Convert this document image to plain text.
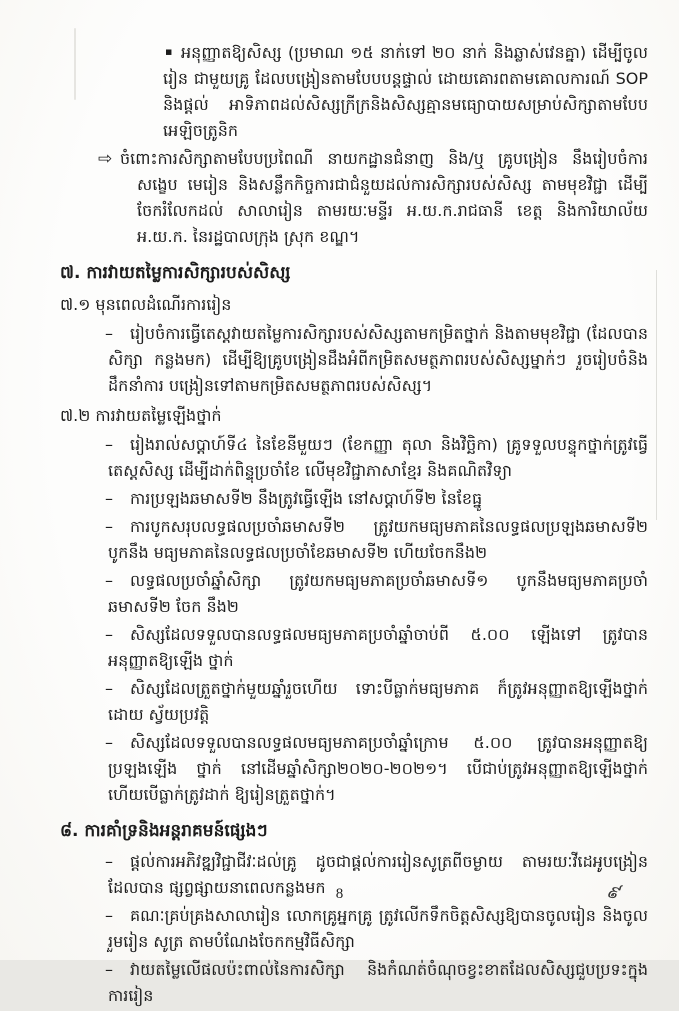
▪ អនុញ្ញាតឱ្យសិស្ស (ប្រមាណ ១៥ នាក់ទៅ ២០ នាក់ និងឆ្លាស់វេនគ្នា) ដើម្បីចូលរៀន ជាមួយគ្រូ ដែលបង្រៀនតាមបែបបន្តផ្ទាល់ ដោយគោរពតាមគោលការណ៍ SOP និងផ្តល់ អាទិភាពដល់សិស្សក្រីក្រនិងសិស្សគ្មានមធ្យោបាយសម្រាប់សិក្សាតាមបែបអេឡិចត្រូនិក

⇨ ចំពោះការសិក្សាតាមបែបប្រពៃណី នាយកដ្ឋានជំនាញ និង/ឬ គ្រូបង្រៀន នឹងរៀបចំការសង្ខេប មេរៀន និងសន្លឹកកិច្ចការជាជំនួយដល់ការសិក្សារបស់សិស្ស តាមមុខវិជ្ជា ដើម្បីចែករំលែកដល់ សាលារៀន តាមរយៈមន្ទីរ អ.យ.ក.រាជធានី ខេត្ត និងការិយាល័យ អ.យ.ក. នៃរដ្ឋបាលក្រុង ស្រុក ខណ្ឌ។

៧. ការវាយតម្លៃការសិក្សារបស់សិស្ស

៧.១ មុនពេលដំណើរការរៀន

– រៀបចំការធ្វើតេស្តវាយតម្លៃការសិក្សារបស់សិស្សតាមកម្រិតថ្នាក់ និងតាមមុខវិជ្ជា (ដែលបានសិក្សា កន្លងមក) ដើម្បីឱ្យគ្រូបង្រៀនដឹងអំពីកម្រិតសមត្ថភាពរបស់សិស្សម្នាក់ៗ រួចរៀបចំនិងដឹកនាំការ បង្រៀនទៅតាមកម្រិតសមត្ថភាពរបស់សិស្ស។

៧.២ ការវាយតម្លៃឡើងថ្នាក់

– រៀងរាល់សប្តាហ៍ទី៤ នៃខែនីមួយៗ (ខែកញ្ញា តុលា និងវិច្ឆិកា) គ្រូទទួលបន្ទុកថ្នាក់ត្រូវធ្វើតេស្តសិស្ស ដើម្បីដាក់ពិន្ទុប្រចាំខែ លើមុខវិជ្ជាភាសាខ្មែរ និងគណិតវិទ្យា

– ការប្រឡងឆមាសទី២ នឹងត្រូវធ្វើឡើង នៅសប្តាហ៍ទី២ នៃខែធ្នូ

– ការបូកសរុបលទ្ធផលប្រចាំឆមាសទី២ ត្រូវយកមធ្យមភាគនៃលទ្ធផលប្រឡងឆមាសទី២ បូកនឹង មធ្យមភាគនៃលទ្ធផលប្រចាំខែឆមាសទី២ ហើយចែកនឹង២

– លទ្ធផលប្រចាំឆ្នាំសិក្សា ត្រូវយកមធ្យមភាគប្រចាំឆមាសទី១ បូកនឹងមធ្យមភាគប្រចាំឆមាសទី២ ចែក នឹង២

– សិស្សដែលទទួលបានលទ្ធផលមធ្យមភាគប្រចាំឆ្នាំចាប់ពី ៥.០០ ឡើងទៅ ត្រូវបានអនុញ្ញាតឱ្យឡើង ថ្នាក់

– សិស្សដែលត្រួតថ្នាក់មួយឆ្នាំរួចហើយ ទោះបីធ្លាក់មធ្យមភាគ ក៏ត្រូវអនុញ្ញាតឱ្យឡើងថ្នាក់ដោយ ស្វ័យប្រវត្តិ

– សិស្សដែលទទួលបានលទ្ធផលមធ្យមភាគប្រចាំឆ្នាំក្រោម ៥.០០ ត្រូវបានអនុញ្ញាតឱ្យប្រឡងឡើង ថ្នាក់ នៅដើមឆ្នាំសិក្សា២០២០-២០២១។ បើជាប់ត្រូវអនុញ្ញាតឱ្យឡើងថ្នាក់ ហើយបើធ្លាក់ត្រូវដាក់ ឱ្យរៀនត្រួតថ្នាក់។

៨. ការគាំទ្រនិងអន្តរាគមន៍ផ្សេងៗ

– ផ្តល់ការអភិវឌ្ឍវិជ្ជាជីវៈដល់គ្រូ ដូចជាផ្តល់ការរៀនសូត្រពីចម្ងាយ តាមរយៈវីដេអូបង្រៀនដែលបាន ផ្សព្វផ្សាយនាពេលកន្លងមក

– គណៈគ្រប់គ្រងសាលារៀន លោកគ្រូអ្នកគ្រូ ត្រូវលើកទឹកចិត្តសិស្សឱ្យបានចូលរៀន និងចូលរួមរៀន សូត្រ តាមបំណែងចែកកម្មវិធីសិក្សា

– វាយតម្លៃលើផលប៉ះពាល់នៃការសិក្សា និងកំណត់ចំណុចខ្វះខាតដែលសិស្សជួបប្រទះក្នុងការរៀន

8	៩
